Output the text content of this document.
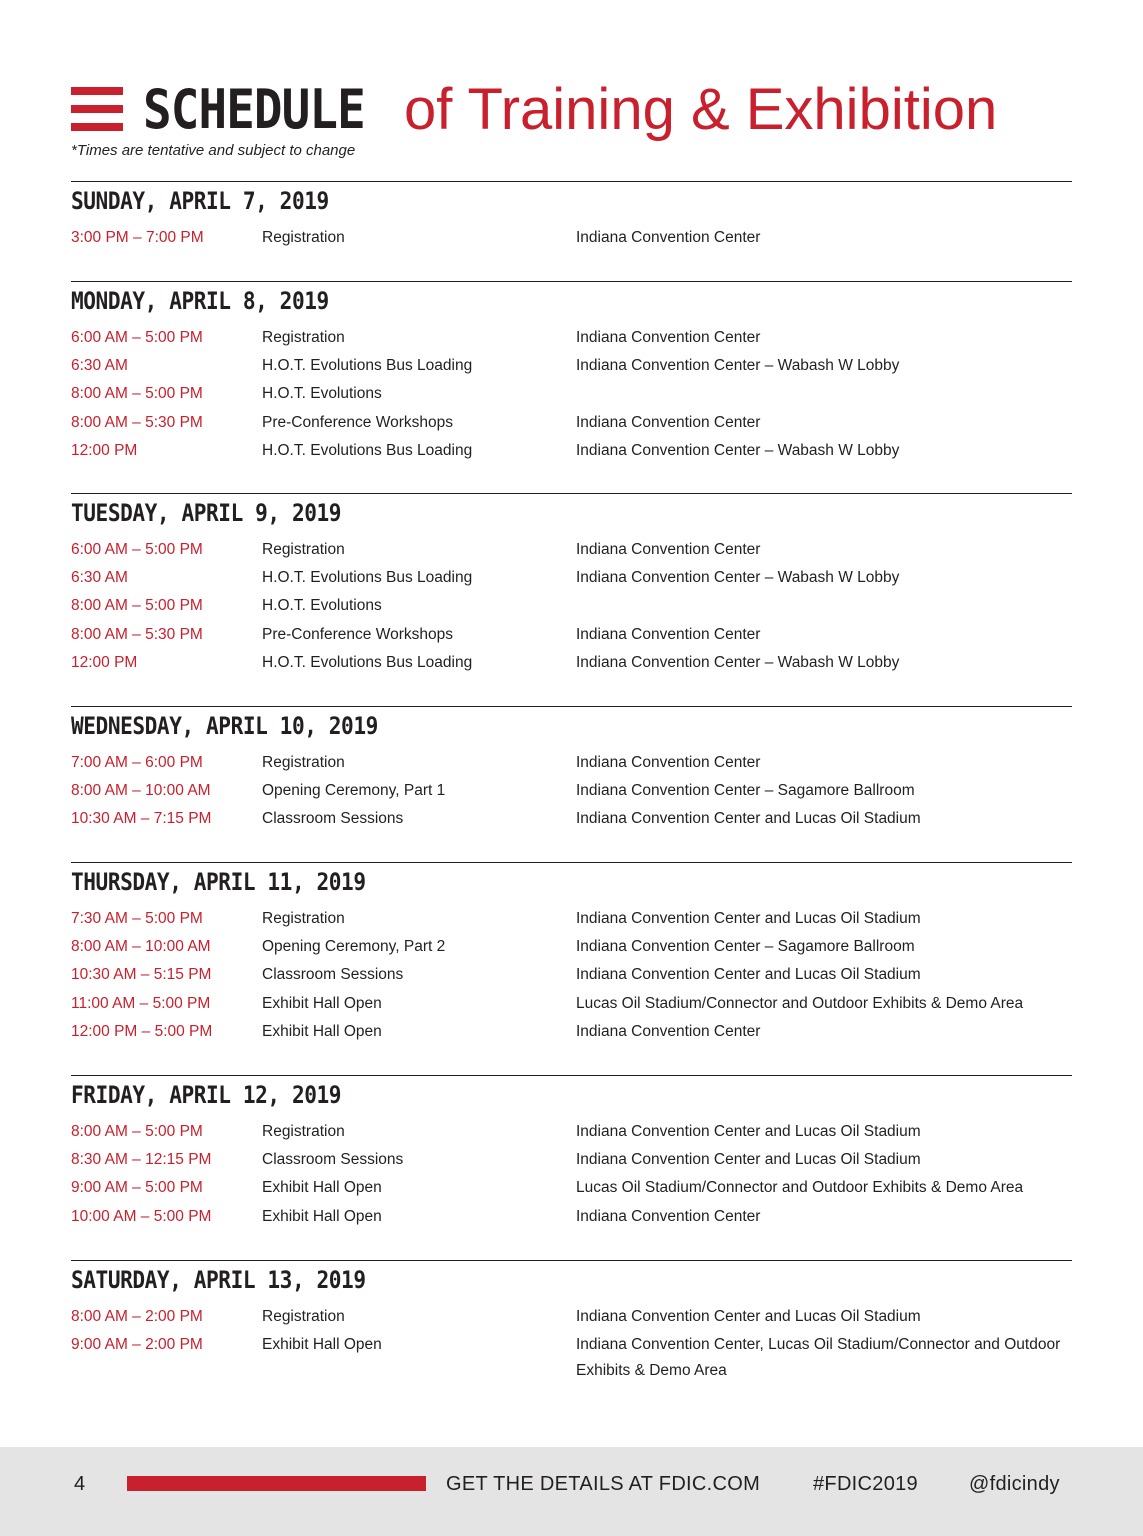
SCHEDULE of Training & Exhibition
*Times are tentative and subject to change
SUNDAY, APRIL 7, 2019
3:00 PM – 7:00 PM	Registration	Indiana Convention Center
MONDAY, APRIL 8, 2019
6:00 AM – 5:00 PM	Registration	Indiana Convention Center
6:30 AM	H.O.T. Evolutions Bus Loading	Indiana Convention Center – Wabash W Lobby
8:00 AM – 5:00 PM	H.O.T. Evolutions
8:00 AM – 5:30 PM	Pre-Conference Workshops	Indiana Convention Center
12:00 PM	H.O.T. Evolutions Bus Loading	Indiana Convention Center – Wabash W Lobby
TUESDAY, APRIL 9, 2019
6:00 AM – 5:00 PM	Registration	Indiana Convention Center
6:30 AM	H.O.T. Evolutions Bus Loading	Indiana Convention Center – Wabash W Lobby
8:00 AM – 5:00 PM	H.O.T. Evolutions
8:00 AM – 5:30 PM	Pre-Conference Workshops	Indiana Convention Center
12:00 PM	H.O.T. Evolutions Bus Loading	Indiana Convention Center – Wabash W Lobby
WEDNESDAY, APRIL 10, 2019
7:00 AM – 6:00 PM	Registration	Indiana Convention Center
8:00 AM – 10:00 AM	Opening Ceremony, Part 1	Indiana Convention Center – Sagamore Ballroom
10:30 AM – 7:15 PM	Classroom Sessions	Indiana Convention Center and Lucas Oil Stadium
THURSDAY, APRIL 11, 2019
7:30 AM – 5:00 PM	Registration	Indiana Convention Center and Lucas Oil Stadium
8:00 AM – 10:00 AM	Opening Ceremony, Part 2	Indiana Convention Center – Sagamore Ballroom
10:30 AM – 5:15 PM	Classroom Sessions	Indiana Convention Center and Lucas Oil Stadium
11:00 AM – 5:00 PM	Exhibit Hall Open	Lucas Oil Stadium/Connector and Outdoor Exhibits & Demo Area
12:00 PM – 5:00 PM	Exhibit Hall Open	Indiana Convention Center
FRIDAY, APRIL 12, 2019
8:00 AM – 5:00 PM	Registration	Indiana Convention Center and Lucas Oil Stadium
8:30 AM – 12:15 PM	Classroom Sessions	Indiana Convention Center and Lucas Oil Stadium
9:00 AM – 5:00 PM	Exhibit Hall Open	Lucas Oil Stadium/Connector and Outdoor Exhibits & Demo Area
10:00 AM – 5:00 PM	Exhibit Hall Open	Indiana Convention Center
SATURDAY, APRIL 13, 2019
8:00 AM – 2:00 PM	Registration	Indiana Convention Center and Lucas Oil Stadium
9:00 AM – 2:00 PM	Exhibit Hall Open	Indiana Convention Center, Lucas Oil Stadium/Connector and Outdoor Exhibits & Demo Area
4	GET THE DETAILS AT FDIC.COM	#FDIC2019	@fdicindy
